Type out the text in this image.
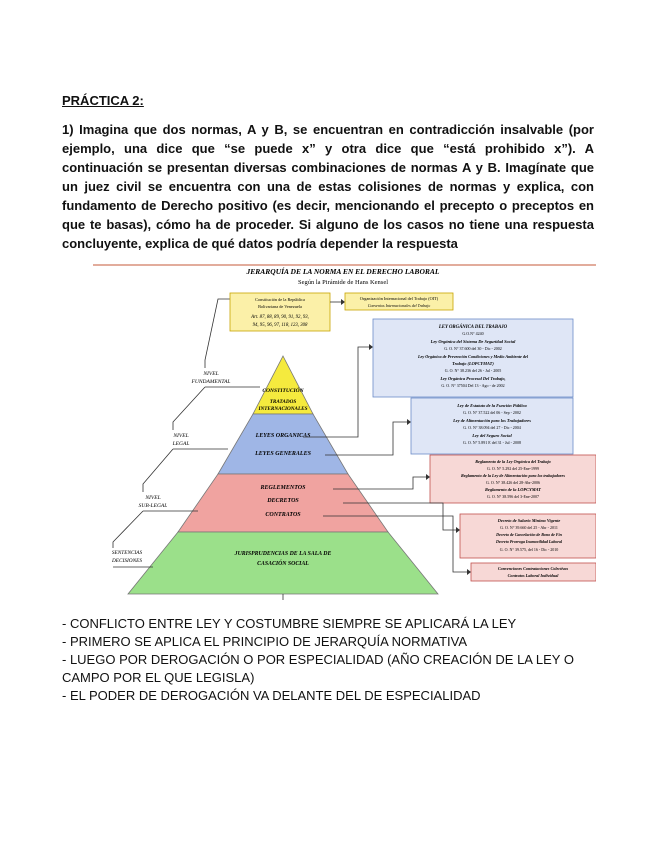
PRÁCTICA 2:
1) Imagina que dos normas, A y B, se encuentran en contradicción insalvable (por ejemplo, una dice que “se puede x” y otra dice que “está prohibido x”). A continuación se presentan diversas combinaciones de normas A y B. Imagínate que un juez civil se encuentra con una de estas colisiones de normas y explica, con fundamento de Derecho positivo (es decir, mencionando el precepto o preceptos en que te basas), cómo ha de proceder. Si alguno de los casos no tiene una respuesta concluyente, explica de qué datos podría depender la respuesta
JERARQUÍA DE LA NORMA EN EL DERECHO LABORAL
Según la Pirámide de Hans Kensel
CONSTITUCIÓN
TRATADOS
INTERNACIONALES
LEYES ORGANICAS
LEYES GENERALES
REGLEMENTOS
DECRETOS
CONTRATOS
JURISPRUDENCIAS DE LA SALA DE
CASACIÓN SOCIAL
NIVEL
FUNDAMENTAL
NIVEL
LEGAL
NIVEL
SUB-LEGAL
SENTENCIAS
DECISIONES
Constitución de la República
Bolivariana de Venezuela
Art. 87, 88, 89, 90, 91, 92, 93,
94, 95, 96, 97, 118, 123, 308
Organización Internacional del Trabajo (OIT)
Convenios Internacionales del Trabajo
LEY ORGÁNICA DEL TRABAJO
G.O.N° 4240
Ley Orgánica del Sistema De Seguridad Social
G. O. N° 37.600 del 30 - Dic - 2002
Ley Orgánica de Prevención Condiciones y Medio Ambiente del
Trabajo (LOPCYMAT)
G. O. N° 38.236 del 26 - Jul - 2005
Ley Orgánica Procesal Del Trabajo,
G. O. N° 37504 Del 13 - Ago - de 2002
Ley de Estatuto de la Función Pública
G. O. N° 37.522 del 06 - Sep - 2002
Ley de Alimentación para los Trabajadores
G. O. N° 38.094 del 27 - Dic - 2004
Ley del Seguro Social
G. O. N° 5.891 E del 31 - Jul - 2008
Reglamento de la Ley Orgánica del Trabajo
G. O. N° 5.292 del 25-Ene-1999
Reglamento de la Ley de Alimentación para los trabajadores
G. O. N° 38.426 del 28-Abr-2006
Reglamento de la LOPCYMAT
G. O. N° 38.596 del 3-Ene-2007
Decreto de Salario Mínimo Vigente
G. O. N° 39.660 del 25 - Abr - 2011
Decreto de Cancelación de Bono de Fin
Decreto Prorroga Inamovilidad Laboral
G. O. N° 39.575, del 16 - Dic - 2010
Convenciones Contrataciones Colectivas
Contratos Laboral Individual
- CONFLICTO ENTRE LEY Y COSTUMBRE SIEMPRE SE APLICARÁ LA LEY
- PRIMERO SE APLICA EL PRINCIPIO DE JERARQUÍA NORMATIVA
- LUEGO POR DEROGACIÓN O POR ESPECIALIDAD (AÑO CREACIÓN DE LA LEY O CAMPO POR EL QUE LEGISLA)
- EL PODER DE DEROGACIÓN VA DELANTE DEL DE ESPECIALIDAD
